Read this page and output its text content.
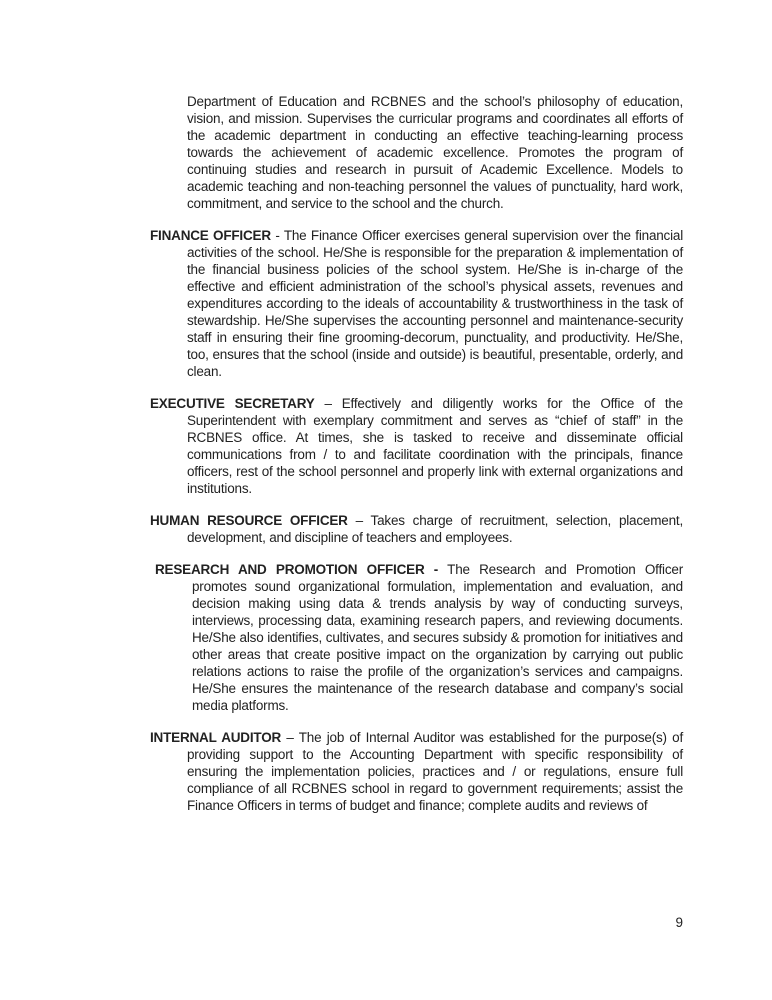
Department of Education and RCBNES and the school’s philosophy of education, vision, and mission. Supervises the curricular programs and coordinates all efforts of the academic department in conducting an effective teaching-learning process towards the achievement of academic excellence. Promotes the program of continuing studies and research in pursuit of Academic Excellence. Models to academic teaching and non-teaching personnel the values of punctuality, hard work, commitment, and service to the school and the church.

FINANCE OFFICER - The Finance Officer exercises general supervision over the financial activities of the school. He/She is responsible for the preparation & implementation of the financial business policies of the school system. He/She is in-charge of the effective and efficient administration of the school’s physical assets, revenues and expenditures according to the ideals of accountability & trustworthiness in the task of stewardship. He/She supervises the accounting personnel and maintenance-security staff in ensuring their fine grooming-decorum, punctuality, and productivity. He/She, too, ensures that the school (inside and outside) is beautiful, presentable, orderly, and clean.

EXECUTIVE SECRETARY – Effectively and diligently works for the Office of the Superintendent with exemplary commitment and serves as “chief of staff” in the RCBNES office. At times, she is tasked to receive and disseminate official communications from / to and facilitate coordination with the principals, finance officers, rest of the school personnel and properly link with external organizations and institutions.

HUMAN RESOURCE OFFICER – Takes charge of recruitment, selection, placement, development, and discipline of teachers and employees.

RESEARCH AND PROMOTION OFFICER - The Research and Promotion Officer promotes sound organizational formulation, implementation and evaluation, and decision making using data & trends analysis by way of conducting surveys, interviews, processing data, examining research papers, and reviewing documents. He/She also identifies, cultivates, and secures subsidy & promotion for initiatives and other areas that create positive impact on the organization by carrying out public relations actions to raise the profile of the organization’s services and campaigns. He/She ensures the maintenance of the research database and company’s social media platforms.

INTERNAL AUDITOR – The job of Internal Auditor was established for the purpose(s) of providing support to the Accounting Department with specific responsibility of ensuring the implementation policies, practices and / or regulations, ensure full compliance of all RCBNES school in regard to government requirements; assist the Finance Officers in terms of budget and finance; complete audits and reviews of

9
